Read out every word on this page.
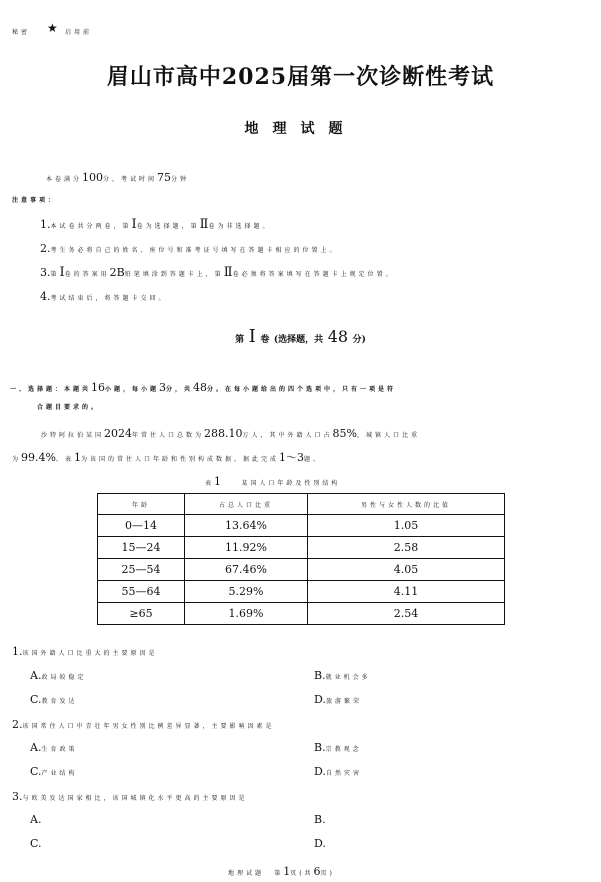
秘密 ★ 启用前
眉山市高中2025届第一次诊断性考试
地理试题
本卷满分100分，考试时间75分钟
注意事项：
1.本试卷共分两卷，第Ⅰ卷为选择题，第Ⅱ卷为非选择题。
2.考生务必将自己的姓名、座位号和准考证号填写在答题卡相应的位置上。
3.第Ⅰ卷的答案用2B铅笔填涂到答题卡上，第Ⅱ卷必须将答案填写在答题卡上规定位置。
4.考试结束后，将答题卡交回。
第 Ⅰ 卷 (选择题，共 48 分)
一、选择题：本题共16小题，每小题3分，共48分。在每小题给出的四个选项中，只有一项是符
合题目要求的。
沙特阿拉伯某国2024年常住人口总数为288.10万人，其中外籍人口占85%，城镇人口比重
为99.4%。表1为该国的常住人口年龄和性别构成数据。据此完成1～3题。
表1	某国人口年龄及性别结构
年龄	占总人口比重	男性与女性人数的比值
0—14	13.64%	1.05
15—24	11.92%	2.58
25—54	67.46%	4.05
55—64	5.29%	4.11
≥65	1.69%	2.54
1.该国外籍人口比重大的主要原因是
A.政局较稳定	B.就业机会多
C.教育发达	D.旅游繁荣
2.该国常住人口中青壮年男女性别比例差异显著，主要影响因素是
A.生育政策	B.宗教观念
C.产业结构	D.自然灾害
3.与欧美发达国家相比，该国城镇化水平更高的主要原因是
A.	B.
C.	D.
地理试题 第1页(共6页)
